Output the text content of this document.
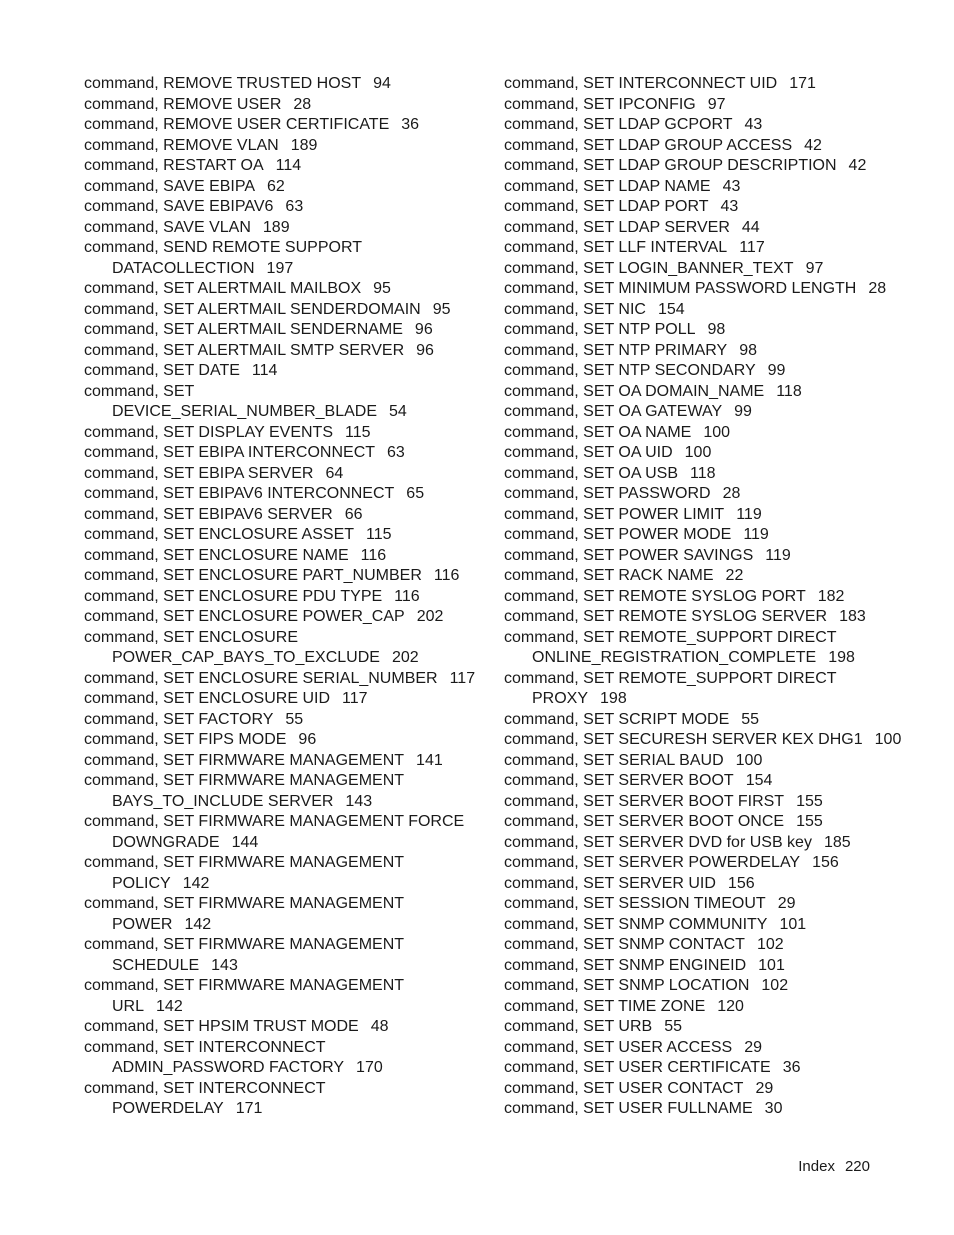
command, REMOVE TRUSTED HOST 94
command, REMOVE USER 28
command, REMOVE USER CERTIFICATE 36
command, REMOVE VLAN 189
command, RESTART OA 114
command, SAVE EBIPA 62
command, SAVE EBIPAV6 63
command, SAVE VLAN 189
command, SEND REMOTE SUPPORT
DATACOLLECTION 197
command, SET ALERTMAIL MAILBOX 95
command, SET ALERTMAIL SENDERDOMAIN 95
command, SET ALERTMAIL SENDERNAME 96
command, SET ALERTMAIL SMTP SERVER 96
command, SET DATE 114
command, SET
DEVICE_SERIAL_NUMBER_BLADE 54
command, SET DISPLAY EVENTS 115
command, SET EBIPA INTERCONNECT 63
command, SET EBIPA SERVER 64
command, SET EBIPAV6 INTERCONNECT 65
command, SET EBIPAV6 SERVER 66
command, SET ENCLOSURE ASSET 115
command, SET ENCLOSURE NAME 116
command, SET ENCLOSURE PART_NUMBER 116
command, SET ENCLOSURE PDU TYPE 116
command, SET ENCLOSURE POWER_CAP 202
command, SET ENCLOSURE
POWER_CAP_BAYS_TO_EXCLUDE 202
command, SET ENCLOSURE SERIAL_NUMBER 117
command, SET ENCLOSURE UID 117
command, SET FACTORY 55
command, SET FIPS MODE 96
command, SET FIRMWARE MANAGEMENT 141
command, SET FIRMWARE MANAGEMENT
BAYS_TO_INCLUDE SERVER 143
command, SET FIRMWARE MANAGEMENT FORCE
DOWNGRADE 144
command, SET FIRMWARE MANAGEMENT
POLICY 142
command, SET FIRMWARE MANAGEMENT
POWER 142
command, SET FIRMWARE MANAGEMENT
SCHEDULE 143
command, SET FIRMWARE MANAGEMENT
URL 142
command, SET HPSIM TRUST MODE 48
command, SET INTERCONNECT
ADMIN_PASSWORD FACTORY 170
command, SET INTERCONNECT
POWERDELAY 171
command, SET INTERCONNECT UID 171
command, SET IPCONFIG 97
command, SET LDAP GCPORT 43
command, SET LDAP GROUP ACCESS 42
command, SET LDAP GROUP DESCRIPTION 42
command, SET LDAP NAME 43
command, SET LDAP PORT 43
command, SET LDAP SERVER 44
command, SET LLF INTERVAL 117
command, SET LOGIN_BANNER_TEXT 97
command, SET MINIMUM PASSWORD LENGTH 28
command, SET NIC 154
command, SET NTP POLL 98
command, SET NTP PRIMARY 98
command, SET NTP SECONDARY 99
command, SET OA DOMAIN_NAME 118
command, SET OA GATEWAY 99
command, SET OA NAME 100
command, SET OA UID 100
command, SET OA USB 118
command, SET PASSWORD 28
command, SET POWER LIMIT 119
command, SET POWER MODE 119
command, SET POWER SAVINGS 119
command, SET RACK NAME 22
command, SET REMOTE SYSLOG PORT 182
command, SET REMOTE SYSLOG SERVER 183
command, SET REMOTE_SUPPORT DIRECT
ONLINE_REGISTRATION_COMPLETE 198
command, SET REMOTE_SUPPORT DIRECT
PROXY 198
command, SET SCRIPT MODE 55
command, SET SECURESH SERVER KEX DHG1 100
command, SET SERIAL BAUD 100
command, SET SERVER BOOT 154
command, SET SERVER BOOT FIRST 155
command, SET SERVER BOOT ONCE 155
command, SET SERVER DVD for USB key 185
command, SET SERVER POWERDELAY 156
command, SET SERVER UID 156
command, SET SESSION TIMEOUT 29
command, SET SNMP COMMUNITY 101
command, SET SNMP CONTACT 102
command, SET SNMP ENGINEID 101
command, SET SNMP LOCATION 102
command, SET TIME ZONE 120
command, SET URB 55
command, SET USER ACCESS 29
command, SET USER CERTIFICATE 36
command, SET USER CONTACT 29
command, SET USER FULLNAME 30
Index 220
